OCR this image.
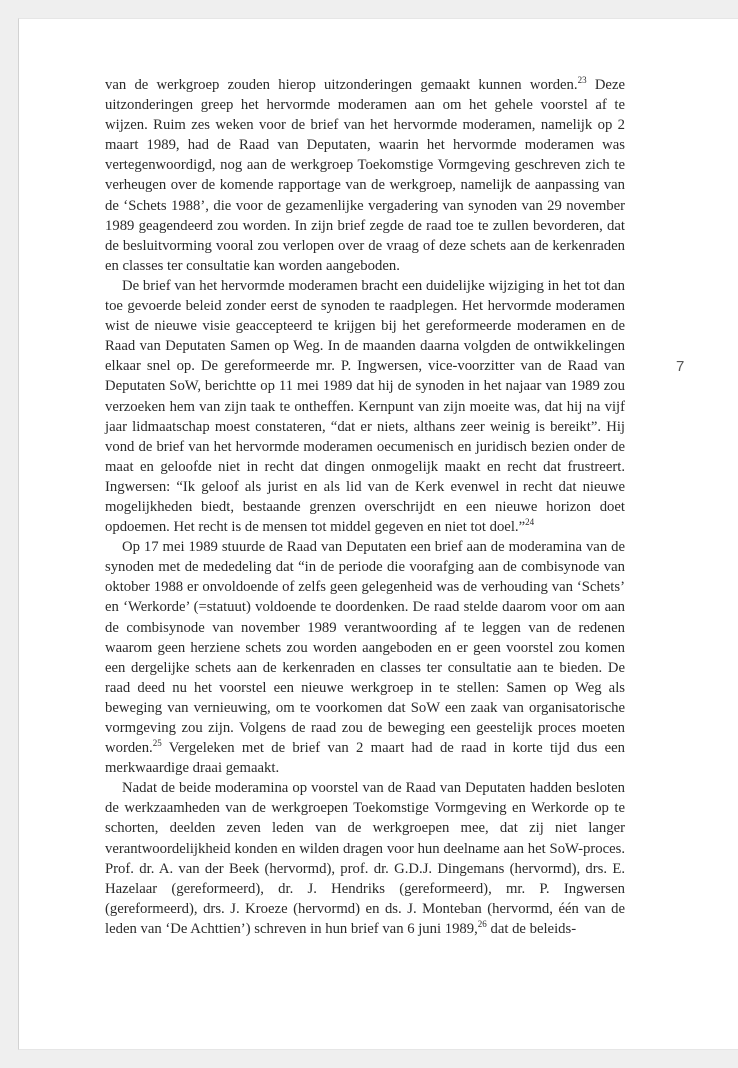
van de werkgroep zouden hierop uitzonderingen gemaakt kunnen worden.$^{23}$ Deze uitzonderingen greep het hervormde moderamen aan om het gehele voorstel af te wijzen. Ruim zes weken voor de brief van het hervormde moderamen, namelijk op 2 maart 1989, had de Raad van Deputaten, waarin het hervormde moderamen was vertegenwoordigd, nog aan de werkgroep Toekomstige Vormgeving geschreven zich te verheugen over de komende rapportage van de werkgroep, namelijk de aanpassing van de ‘Schets 1988’, die voor de gezamenlijke vergadering van synoden van 29 november 1989 geagendeerd zou worden. In zijn brief zegde de raad toe te zullen bevorderen, dat de besluitvorming vooral zou verlopen over de vraag of deze schets aan de kerkenraden en classes ter consultatie kan worden aangeboden.

De brief van het hervormde moderamen bracht een duidelijke wijziging in het tot dan toe gevoerde beleid zonder eerst de synoden te raadplegen. Het hervormde moderamen wist de nieuwe visie geaccepteerd te krijgen bij het gereformeerde moderamen en de Raad van Deputaten Samen op Weg. In de maanden daarna volgden de ontwikkelingen elkaar snel op. De gereformeerde mr. P. Ingwersen, vice-voorzitter van de Raad van Deputaten SoW, berichtte op 11 mei 1989 dat hij de synoden in het najaar van 1989 zou verzoeken hem van zijn taak te ontheffen. Kernpunt van zijn moeite was, dat hij na vijf jaar lidmaatschap moest constateren, “dat er niets, althans zeer weinig is bereikt”. Hij vond de brief van het hervormde moderamen oecumenisch en juridisch bezien onder de maat en geloofde niet in recht dat dingen onmogelijk maakt en recht dat frustreert. Ingwersen: “Ik geloof als jurist en als lid van de Kerk evenwel in recht dat nieuwe mogelijkheden biedt, bestaande grenzen overschrijdt en een nieuwe horizon doet opdoemen. Het recht is de mensen tot middel gegeven en niet tot doel.”$^{24}$

Op 17 mei 1989 stuurde de Raad van Deputaten een brief aan de moderamina van de synoden met de mededeling dat “in de periode die voorafging aan de combisynode van oktober 1988 er onvoldoende of zelfs geen gelegenheid was de verhouding van ‘Schets’ en ‘Werkorde’ (=statuut) voldoende te doordenken. De raad stelde daarom voor om aan de combisynode van november 1989 verantwoording af te leggen van de redenen waarom geen herziene schets zou worden aangeboden en er geen voorstel zou komen een dergelijke schets aan de kerkenraden en classes ter consultatie aan te bieden. De raad deed nu het voorstel een nieuwe werkgroep in te stellen: Samen op Weg als beweging van vernieuwing, om te voorkomen dat SoW een zaak van organisatorische vormgeving zou zijn. Volgens de raad zou de beweging een geestelijk proces moeten worden.$^{25}$ Vergeleken met de brief van 2 maart had de raad in korte tijd dus een merkwaardige draai gemaakt.

Nadat de beide moderamina op voorstel van de Raad van Deputaten hadden besloten de werkzaamheden van de werkgroepen Toekomstige Vormgeving en Werkorde op te schorten, deelden zeven leden van de werkgroepen mee, dat zij niet langer verantwoordelijkheid konden en wilden dragen voor hun deelname aan het SoW-proces. Prof. dr. A. van der Beek (hervormd), prof. dr. G.D.J. Dingemans (hervormd), drs. E. Hazelaar (gereformeerd), dr. J. Hendriks (gereformeerd), mr. P. Ingwersen (gereformeerd), drs. J. Kroeze (hervormd) en ds. J. Monteban (hervormd, één van de leden van ‘De Achttien’) schreven in hun brief van 6 juni 1989,26 dat de beleids-

7
